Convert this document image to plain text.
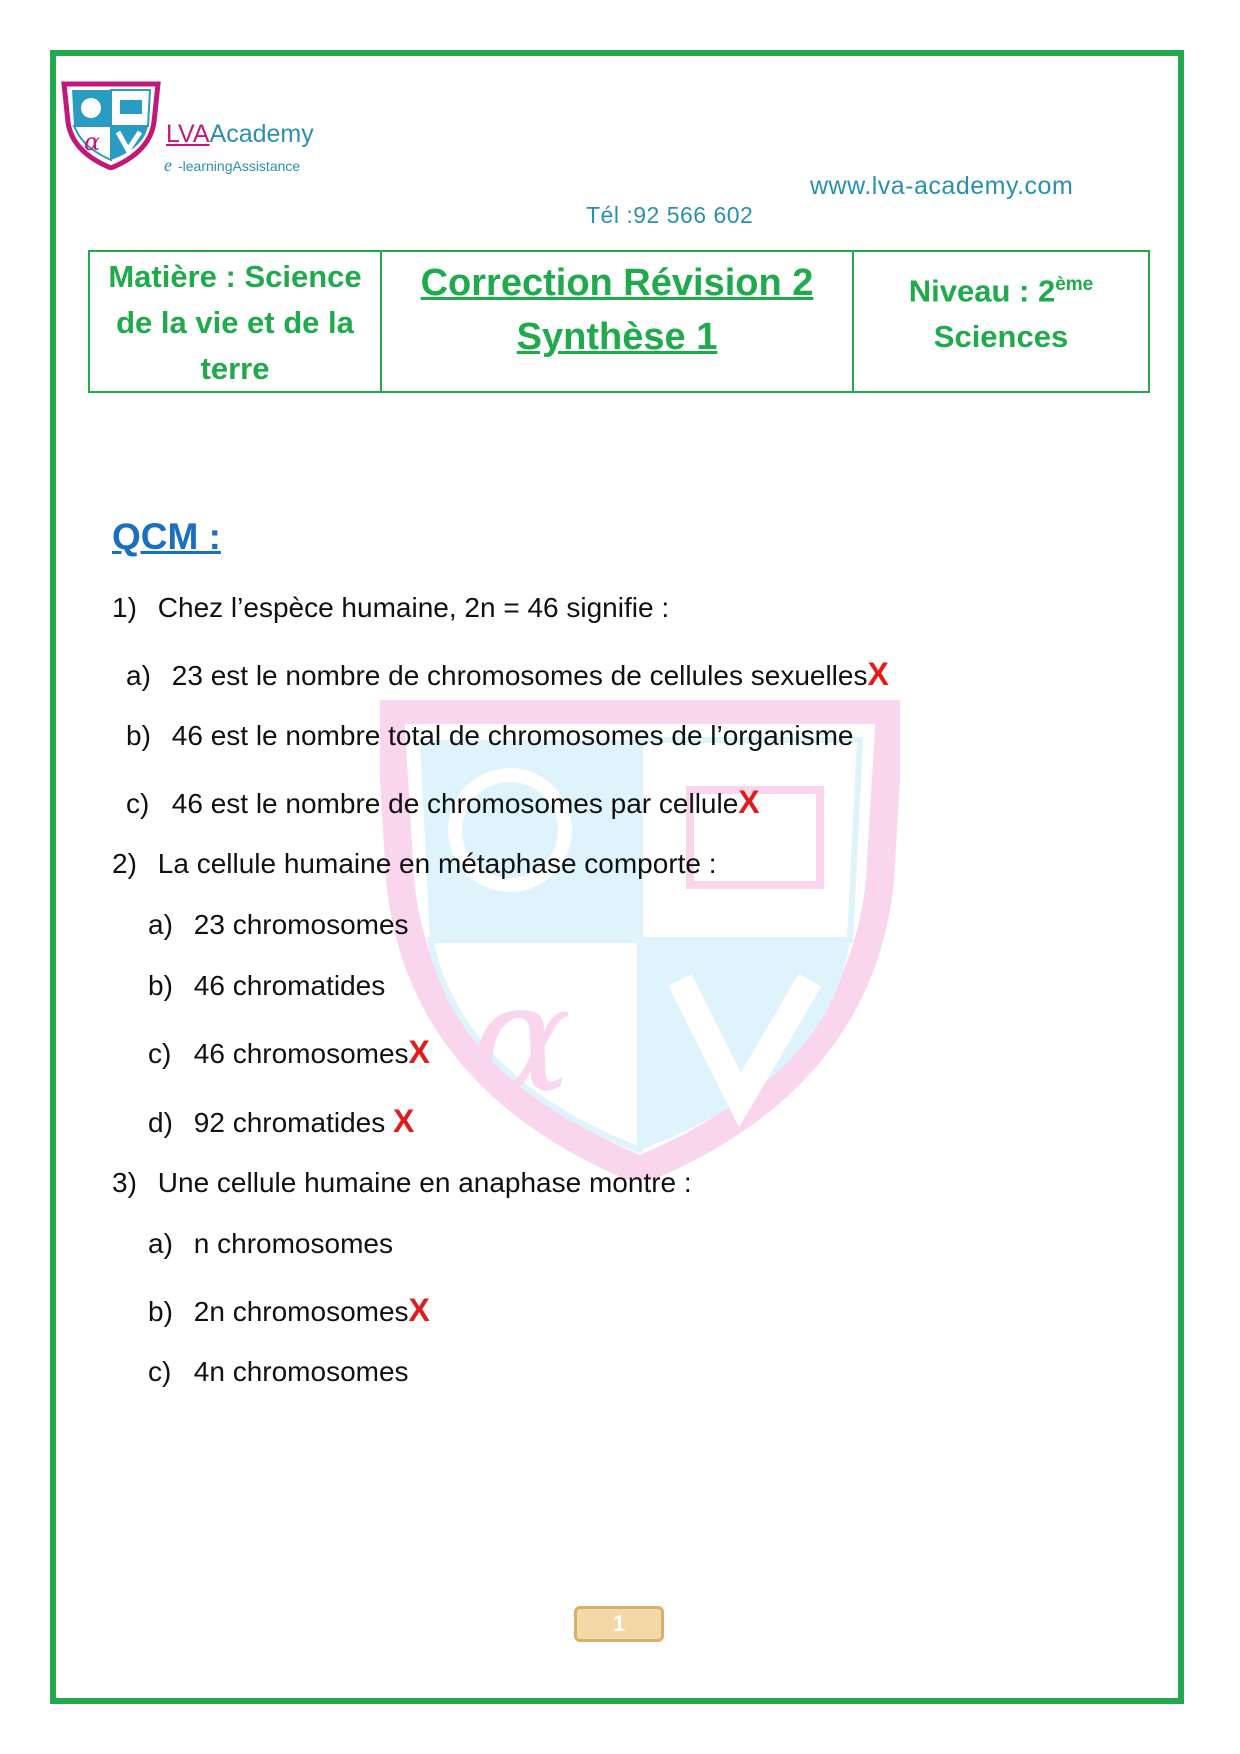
α	LVAAcademy
e -learningAssistance
www.lva-academy.com
Tél :92 566 602
Matière : Science
de la vie et de la
terre
Correction Révision 2
Synthèse 1
Niveau : 2ème
Sciences
α
QCM :
1) Chez l’espèce humaine, 2n = 46 signifie :
a) 23 est le nombre de chromosomes de cellules sexuellesX
b) 46 est le nombre total de chromosomes de l’organisme
c) 46 est le nombre de chromosomes par celluleX
2) La cellule humaine en métaphase comporte :
a) 23 chromosomes
b) 46 chromatides
c) 46 chromosomesX
d) 92 chromatides X
3) Une cellule humaine en anaphase montre :
a) n chromosomes
b) 2n chromosomesX
c) 4n chromosomes
1
